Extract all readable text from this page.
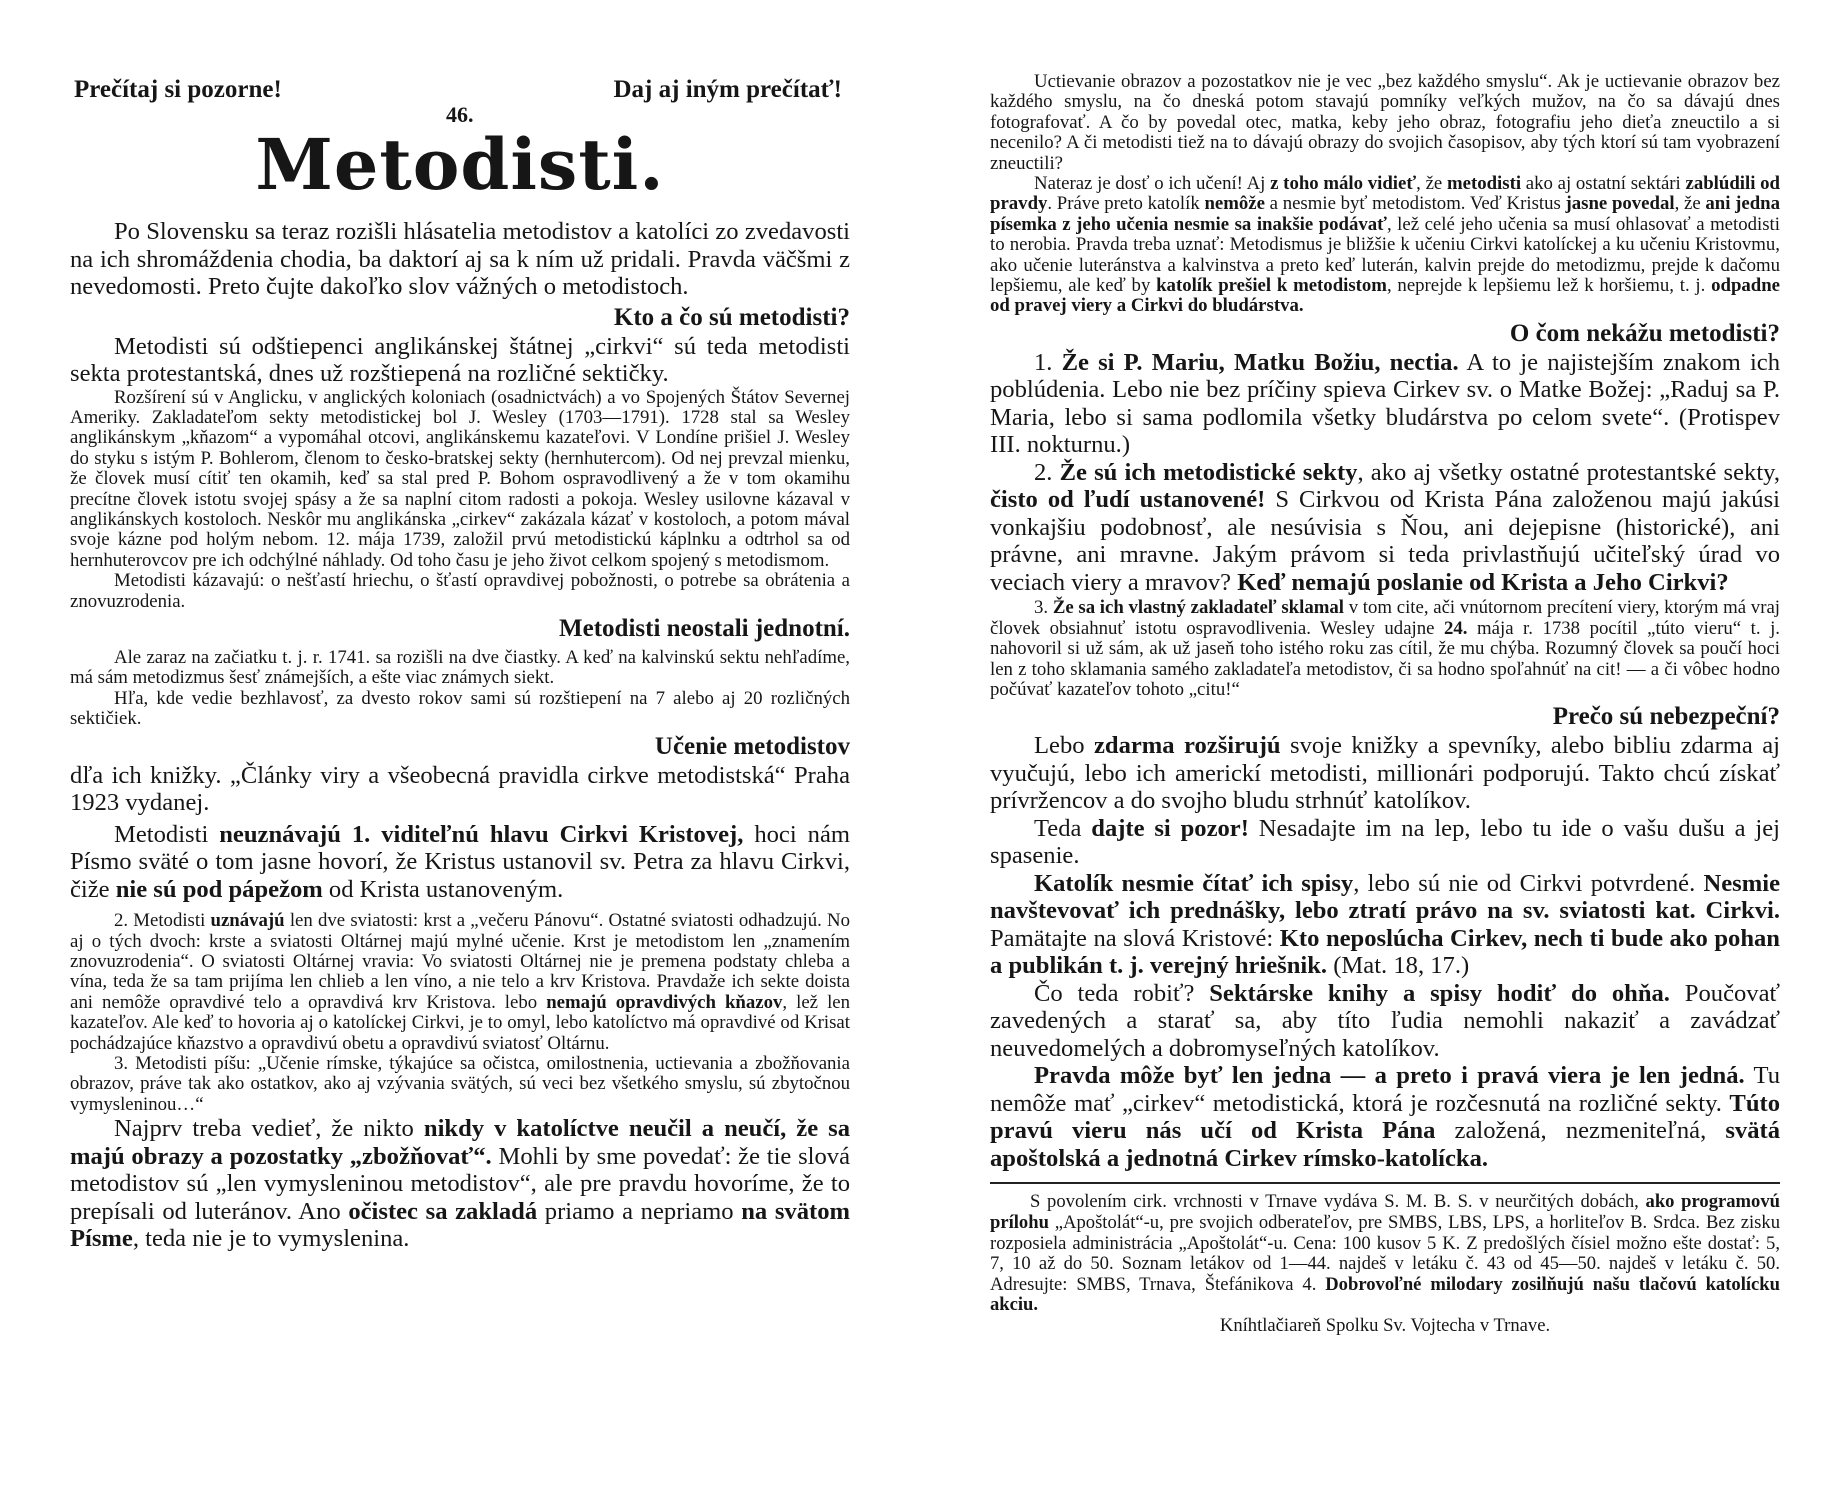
Prečítaj si pozorne!	Daj aj iným prečítať!
46.
Metodisti.

Po Slovensku sa teraz rozišli hlásatelia metodistov a katolíci zo zvedavosti na ich shromáždenia chodia, ba daktorí aj sa k ním už pridali. Pravda väčšmi z nevedomosti. Preto čujte dakoľko slov vážných o metodistoch.

Kto a čo sú metodisti?

Metodisti sú odštiepenci anglikánskej štátnej „cirkvi“ sú teda metodisti sekta protestantská, dnes už rozštiepená na rozličné sektičky.

Rozšírení sú v Anglicku, v anglických koloniach (osadnictvách) a vo Spojených Štátov Severnej Ameriky. Zakladateľom sekty metodistickej bol J. Wesley (1703—1791). 1728 stal sa Wesley anglikánskym „kňazom“ a vypomáhal otcovi, anglikánskemu kazateľovi. V Londíne prišiel J. Wesley do styku s istým P. Bohlerom, členom to česko-bratskej sekty (hernhutercom). Od nej prevzal mienku, že človek musí cítiť ten okamih, keď sa stal pred P. Bohom ospravodlivený a že v tom okamihu precítne človek istotu svojej spásy a že sa naplní citom radosti a pokoja. Wesley usilovne kázaval v anglikánskych kostoloch. Neskôr mu anglikánska „cirkev“ zakázala kázať v kostoloch, a potom mával svoje kázne pod holým nebom. 12. mája 1739, založil prvú metodistickú káplnku a odtrhol sa od hernhuterovcov pre ich odchýlné náhlady. Od toho času je jeho život celkom spojený s metodismom.

Metodisti kázavajú: o nešťastí hriechu, o šťastí opravdivej pobožnosti, o potrebe sa obrátenia a znovuzrodenia.

Metodisti neostali jednotní.

Ale zaraz na začiatku t. j. r. 1741. sa rozišli na dve čiastky. A keď na kalvinskú sektu nehľadíme, má sám metodizmus šesť známejších, a ešte viac známych siekt.

Hľa, kde vedie bezhlavosť, za dvesto rokov sami sú rozštiepení na 7 alebo aj 20 rozličných sektičiek.

Učenie metodistov

dľa ich knižky. „Články viry a všeobecná pravidla cirkve metodistská“ Praha 1923 vydanej.

Metodisti neuznávajú 1. viditeľnú hlavu Cirkvi Kristovej, hoci nám Písmo sväté o tom jasne hovorí, že Kristus ustanovil sv. Petra za hlavu Cirkvi, čiže nie sú pod pápežom od Krista ustanoveným.

2. Metodisti uznávajú len dve sviatosti: krst a „večeru Pánovu“. Ostatné sviatosti odhadzujú. No aj o tých dvoch: krste a sviatosti Oltárnej majú mylné učenie. Krst je metodistom len „znamením znovuzrodenia“. O sviatosti Oltárnej vravia: Vo sviatosti Oltárnej nie je premena podstaty chleba a vína, teda že sa tam prijíma len chlieb a len víno, a nie telo a krv Kristova. Pravdaže ich sekte doista ani nemôže opravdivé telo a opravdivá krv Kristova. lebo nemajú opravdivých kňazov, lež len kazateľov. Ale keď to hovoria aj o katolíckej Cirkvi, je to omyl, lebo katolíctvo má opravdivé od Krisat pochádzajúce kňazstvo a opravdivú obetu a opravdivú sviatosť Oltárnu.

3. Metodisti píšu: „Učenie rímske, týkajúce sa očistca, omilostnenia, uctievania a zbožňovania obrazov, práve tak ako ostatkov, ako aj vzývania svätých, sú veci bez všetkého smyslu, sú zbytočnou vymysleninou…“

Najprv treba vedieť, že nikto nikdy v katolíctve neučil a neučí, že sa majú obrazy a pozostatky „zbožňovať“. Mohli by sme povedať: že tie slová metodistov sú „len vymysleninou metodistov“, ale pre pravdu hovoríme, že to prepísali od luteránov. Ano očistec sa zakladá priamo a nepriamo na svätom Písme, teda nie je to vymyslenina.

Uctievanie obrazov a pozostatkov nie je vec „bez každého smyslu“. Ak je uctievanie obrazov bez každého smyslu, na čo dneská potom stavajú pomníky veľkých mužov, na čo sa dávajú dnes fotografovať. A čo by povedal otec, matka, keby jeho obraz, fotografiu jeho dieťa zneuctilo a si necenilo? A či metodisti tiež na to dávajú obrazy do svojich časopisov, aby tých ktorí sú tam vyobrazení zneuctili?

Nateraz je dosť o ich učení! Aj z toho málo vidieť, že metodisti ako aj ostatní sektári zablúdili od pravdy. Práve preto katolík nemôže a nesmie byť metodistom. Veď Kristus jasne povedal, že ani jedna písemka z jeho učenia nesmie sa inakšie podávať, lež celé jeho učenia sa musí ohlasovať a metodisti to nerobia. Pravda treba uznať: Metodismus je bližšie k učeniu Cirkvi katolíckej a ku učeniu Kristovmu, ako učenie luteránstva a kalvinstva a preto keď luterán, kalvin prejde do metodizmu, prejde k dačomu lepšiemu, ale keď by katolík prešiel k metodistom, neprejde k lepšiemu lež k horšiemu, t. j. odpadne od pravej viery a Cirkvi do bludárstva.

O čom nekážu metodisti?

1. Že si P. Mariu, Matku Božiu, nectia. A to je najistejším znakom ich poblúdenia. Lebo nie bez príčiny spieva Cirkev sv. o Matke Božej: „Raduj sa P. Maria, lebo si sama podlomila všetky bludárstva po celom svete“. (Protispev III. nokturnu.)

2. Že sú ich metodistické sekty, ako aj všetky ostatné protestantské sekty, čisto od ľudí ustanovené! S Cirkvou od Krista Pána založenou majú jakúsi vonkajšiu podobnosť, ale nesúvisia s Ňou, ani dejepisne (historické), ani právne, ani mravne. Jakým právom si teda privlastňujú učiteľský úrad vo veciach viery a mravov? Keď nemajú poslanie od Krista a Jeho Cirkvi?

3. Že sa ich vlastný zakladateľ sklamal v tom cite, ači vnútornom precítení viery, ktorým má vraj človek obsiahnuť istotu ospravodlivenia. Wesley udajne 24. mája r. 1738 pocítil „túto vieru“ t. j. nahovoril si už sám, ak už jaseň toho istého roku zas cítil, že mu chýba. Rozumný človek sa poučí hoci len z toho sklamania samého zakladateľa metodistov, či sa hodno spoľahnúť na cit! — a či vôbec hodno počúvať kazateľov tohoto „citu!“

Prečo sú nebezpeční?

Lebo zdarma rozširujú svoje knižky a spevníky, alebo bibliu zdarma aj vyučujú, lebo ich americkí metodisti, millionári podporujú. Takto chcú získať prívržencov a do svojho bludu strhnúť katolíkov.

Teda dajte si pozor! Nesadajte im na lep, lebo tu ide o vašu dušu a jej spasenie.

Katolík nesmie čítať ich spisy, lebo sú nie od Cirkvi potvrdené. Nesmie navštevovať ich prednášky, lebo ztratí právo na sv. sviatosti kat. Cirkvi. Pamätajte na slová Kristové: Kto neposlúcha Cirkev, nech ti bude ako pohan a publikán t. j. verejný hriešnik. (Mat. 18, 17.)

Čo teda robiť? Sektárske knihy a spisy hodiť do ohňa. Poučovať zavedených a starať sa, aby títo ľudia nemohli nakaziť a zavádzať neuvedomelých a dobromyseľných katolíkov.

Pravda môže byť len jedna — a preto i pravá viera je len jedná. Tu nemôže mať „cirkev“ metodistická, ktorá je rozčesnutá na rozličné sekty. Túto pravú vieru nás učí od Krista Pána založená, nezmeniteľná, svätá apoštolská a jednotná Cirkev rímsko-katolícka.

S povolením cirk. vrchnosti v Trnave vydáva S. M. B. S. v neurčitých dobách, ako programovú prílohu „Apoštolát“-u, pre svojich odberateľov, pre SMBS, LBS, LPS, a horliteľov B. Srdca. Bez zisku rozposiela administrácia „Apoštolát“-u. Cena: 100 kusov 5 K. Z predošlých čísiel možno ešte dostať: 5, 7, 10 až do 50. Soznam letákov od 1—44. najdeš v letáku č. 43 od 45—50. najdeš v letáku č. 50. Adresujte: SMBS, Trnava, Štefánikova 4. Dobrovoľné milodary zosilňujú našu tlačovú katolícku akciu.

Kníhtlačiareň Spolku Sv. Vojtecha v Trnave.
